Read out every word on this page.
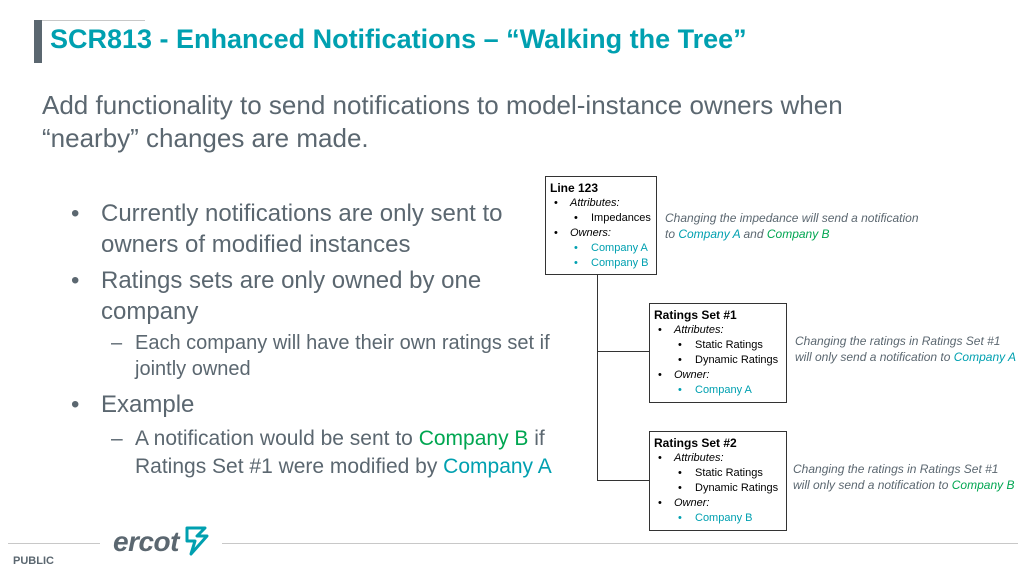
SCR813 - Enhanced Notifications – “Walking the Tree”
Add functionality to send notifications to model-instance owners when “nearby” changes are made.
• Currently notifications are only sent to owners of modified instances
• Ratings sets are only owned by one company
– Each company will have their own ratings set if jointly owned
• Example
– A notification would be sent to Company B if Ratings Set #1 were modified by Company A
Line 123
• Attributes:
• Impedances
• Owners:
• Company A
• Company B
Ratings Set #1
• Attributes:
• Static Ratings
• Dynamic Ratings
• Owner:
• Company A
Ratings Set #2
• Attributes:
• Static Ratings
• Dynamic Ratings
• Owner:
• Company B
Changing the impedance will send a notification to Company A and Company B
Changing the ratings in Ratings Set #1 will only send a notification to Company A
Changing the ratings in Ratings Set #1 will only send a notification to Company B
PUBLIC
ercot
